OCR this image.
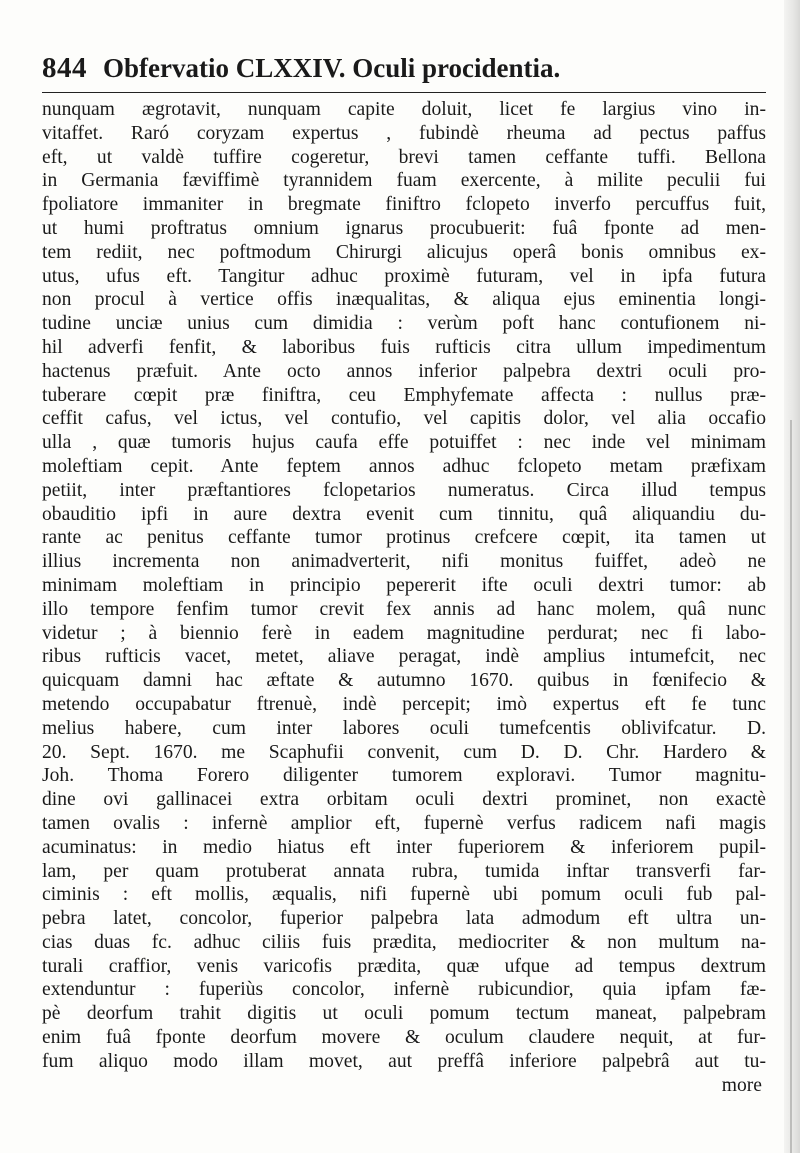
844 Obfervatio CLXXIV. Oculi procidentia.
nunquam ægrotavit, nunquam capite doluit, licet fe largius vino in-
vitaffet. Raró coryzam expertus , fubindè rheuma ad pectus paffus
eft, ut valdè tuffire cogeretur, brevi tamen ceffante tuffi. Bellona
in Germania fæviffimè tyrannidem fuam exercente, à milite peculii fui
fpoliatore immaniter in bregmate finiftro fclopeto inverfo percuffus fuit,
ut humi proftratus omnium ignarus procubuerit: fuâ fponte ad men-
tem rediit, nec poftmodum Chirurgi alicujus operâ bonis omnibus ex-
utus, ufus eft. Tangitur adhuc proximè futuram, vel in ipfa futura
non procul à vertice offis inæqualitas, & aliqua ejus eminentia longi-
tudine unciæ unius cum dimidia : verùm poft hanc contufionem ni-
hil adverfi fenfit, & laboribus fuis rufticis citra ullum impedimentum
hactenus præfuit. Ante octo annos inferior palpebra dextri oculi pro-
tuberare cœpit præ finiftra, ceu Emphyfemate affecta : nullus præ-
ceffit cafus, vel ictus, vel contufio, vel capitis dolor, vel alia occafio
ulla , quæ tumoris hujus caufa effe potuiffet : nec inde vel minimam
moleftiam cepit. Ante feptem annos adhuc fclopeto metam præfixam
petiit, inter præftantiores fclopetarios numeratus. Circa illud tempus
obauditio ipfi in aure dextra evenit cum tinnitu, quâ aliquandiu du-
rante ac penitus ceffante tumor protinus crefcere cœpit, ita tamen ut
illius incrementa non animadverterit, nifi monitus fuiffet, adeò ne
minimam moleftiam in principio pepererit ifte oculi dextri tumor: ab
illo tempore fenfim tumor crevit fex annis ad hanc molem, quâ nunc
videtur ; à biennio ferè in eadem magnitudine perdurat; nec fi labo-
ribus rufticis vacet, metet, aliave peragat, indè amplius intumefcit, nec
quicquam damni hac æftate & autumno 1670. quibus in fœnifecio &
metendo occupabatur ftrenuè, indè percepit; imò expertus eft fe tunc
melius habere, cum inter labores oculi tumefcentis oblivifcatur. D.
20. Sept. 1670. me Scaphufii convenit, cum D. D. Chr. Hardero &
Joh. Thoma Forero diligenter tumorem exploravi. Tumor magnitu-
dine ovi gallinacei extra orbitam oculi dextri prominet, non exactè
tamen ovalis : infernè amplior eft, fupernè verfus radicem nafi magis
acuminatus: in medio hiatus eft inter fuperiorem & inferiorem pupil-
lam, per quam protuberat annata rubra, tumida inftar transverfi far-
ciminis : eft mollis, æqualis, nifi fupernè ubi pomum oculi fub pal-
pebra latet, concolor, fuperior palpebra lata admodum eft ultra un-
cias duas fc. adhuc ciliis fuis prædita, mediocriter & non multum na-
turali craffior, venis varicofis prædita, quæ ufque ad tempus dextrum
extenduntur : fuperiùs concolor, infernè rubicundior, quia ipfam fæ-
pè deorfum trahit digitis ut oculi pomum tectum maneat, palpebram
enim fuâ fponte deorfum movere & oculum claudere nequit, at fur-
fum aliquo modo illam movet, aut preffâ inferiore palpebrâ aut tu-
more
